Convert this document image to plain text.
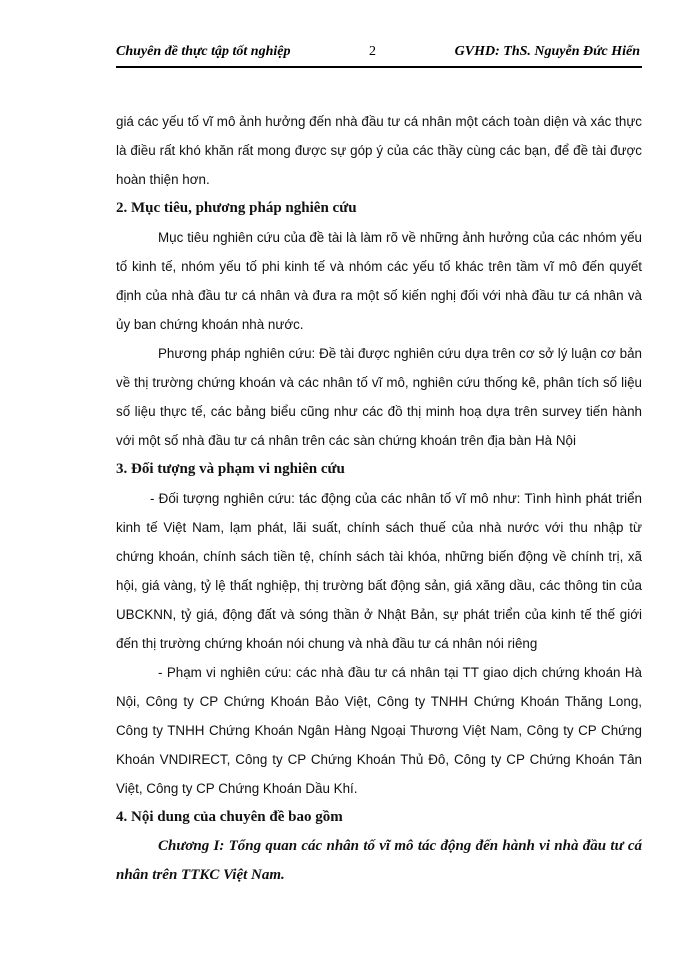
Chuyên đề thực tập tốt nghiệp	2	GVHD: ThS. Nguyễn Đức Hiển

giá các yếu tố vĩ mô ảnh hưởng đến nhà đầu tư cá nhân một cách toàn diện và xác thực là điều rất khó khăn rất mong được sự góp ý của các thầy cùng các bạn, để đề tài được hoàn thiện hơn.

2. Mục tiêu, phương pháp nghiên cứu

Mục tiêu nghiên cứu của đề tài là làm rõ về những ảnh hưởng của các nhóm yếu tố kinh tế, nhóm yếu tố phi kinh tế và nhóm các yếu tố khác trên tầm vĩ mô đến quyết định của nhà đầu tư cá nhân và đưa ra một số kiến nghị đối với nhà đầu tư cá nhân và ủy ban chứng khoán nhà nước.

Phương pháp nghiên cứu: Đề tài được nghiên cứu dựa trên cơ sở lý luận cơ bản về thị trường chứng khoán và các nhân tố vĩ mô, nghiên cứu thống kê, phân tích số liệu số liệu thực tế, các bảng biểu cũng như các đồ thị minh hoạ dựa trên survey tiến hành với một số nhà đầu tư cá nhân trên các sàn chứng khoán trên địa bàn Hà Nội

3. Đối tượng và phạm vi nghiên cứu

- Đối tượng nghiên cứu: tác động của các nhân tố vĩ mô như: Tình hình phát triển kinh tế Việt Nam, lạm phát, lãi suất, chính sách thuế của nhà nước với thu nhập từ chứng khoán, chính sách tiền tệ, chính sách tài khóa, những biến động về chính trị, xã hội, giá vàng, tỷ lệ thất nghiệp, thị trường bất động sản, giá xăng dầu, các thông tin của UBCKNN, tỷ giá, động đất và sóng thần ở Nhật Bản, sự phát triển của kinh tế thế giới đến thị trường chứng khoán nói chung và nhà đầu tư cá nhân nói riêng

- Phạm vi nghiên cứu: các nhà đầu tư cá nhân tại TT giao dịch chứng khoán Hà Nội, Công ty CP Chứng Khoán Bảo Việt, Công ty TNHH Chứng Khoán Thăng Long, Công ty TNHH Chứng Khoán Ngân Hàng Ngoại Thương Việt Nam, Công ty CP Chứng Khoán VNDIRECT, Công ty CP Chứng Khoán Thủ Đô, Công ty CP Chứng Khoán Tân Việt, Công ty CP Chứng Khoán Dầu Khí.

4. Nội dung của chuyên đề bao gồm

Chương I: Tổng quan các nhân tố vĩ mô tác động đến hành vi nhà đầu tư cá nhân trên TTKC Việt Nam.
